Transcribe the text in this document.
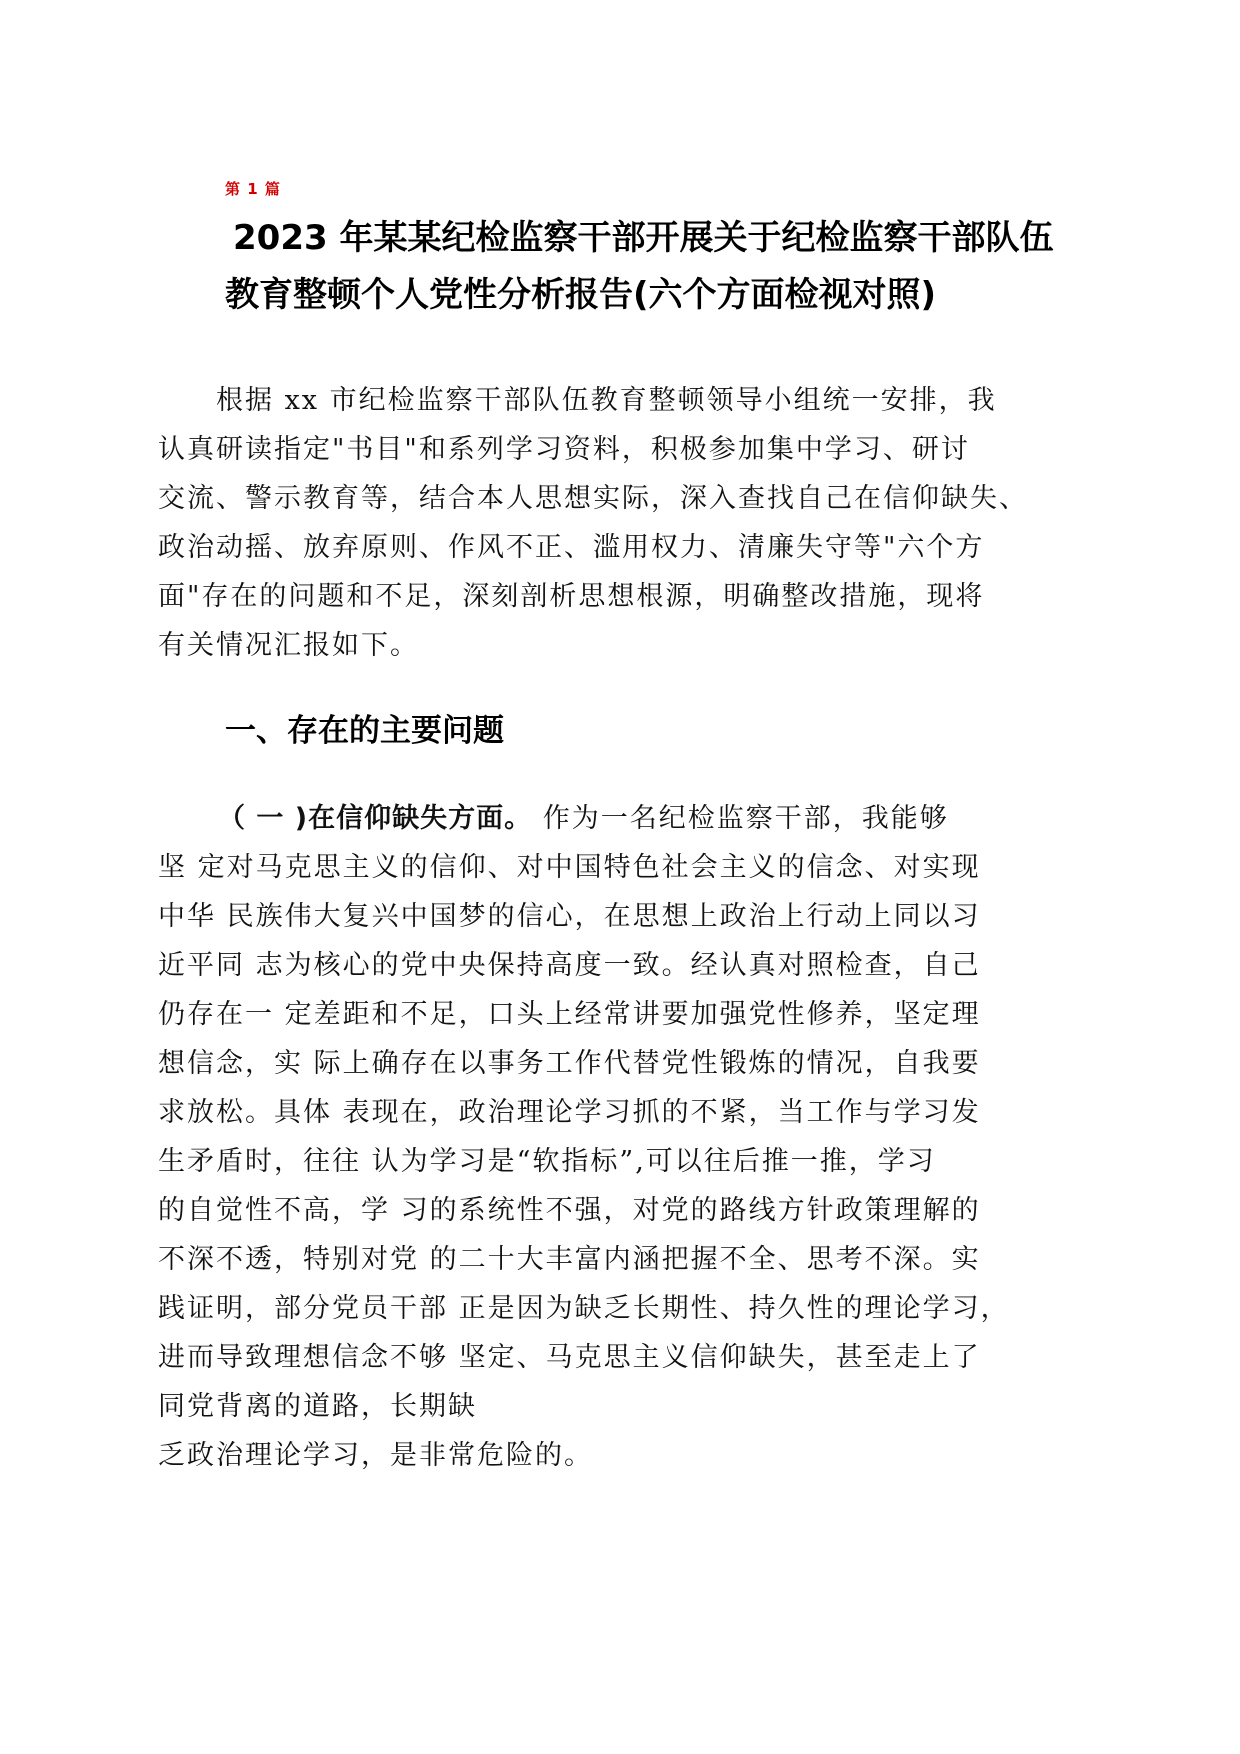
第 1 篇
2023 年某某纪检监察干部开展关于纪检监察干部队伍
教育整顿个人党性分析报告(六个方面检视对照)
　　根据 xx 市纪检监察干部队伍教育整顿领导小组统一安排，我
认真研读指定"书目"和系列学习资料，积极参加集中学习、研讨
交流、警示教育等，结合本人思想实际，深入查找自己在信仰缺失、
政治动摇、放弃原则、作风不正、滥用权力、清廉失守等"六个方
面"存在的问题和不足，深刻剖析思想根源，明确整改措施，现将
有关情况汇报如下。
一、存在的主要问题
（ 一 )在信仰缺失方面。 作为一名纪检监察干部，我能够
坚 定对马克思主义的信仰、对中国特色社会主义的信念、对实现
中华 民族伟大复兴中国梦的信心，在思想上政治上行动上同以习
近平同 志为核心的党中央保持高度一致。经认真对照检查，自己
仍存在一 定差距和不足，口头上经常讲要加强党性修养，坚定理
想信念，实 际上确存在以事务工作代替党性锻炼的情况，自我要
求放松。具体 表现在，政治理论学习抓的不紧，当工作与学习发
生矛盾时，往往 认为学习是“软指标”,可以往后推一推，学习
的自觉性不高，学 习的系统性不强，对党的路线方针政策理解的
不深不透，特别对党 的二十大丰富内涵把握不全、思考不深。实
践证明，部分党员干部 正是因为缺乏长期性、持久性的理论学习，
进而导致理想信念不够 坚定、马克思主义信仰缺失，甚至走上了
同党背离的道路，长期缺
乏政治理论学习，是非常危险的。
